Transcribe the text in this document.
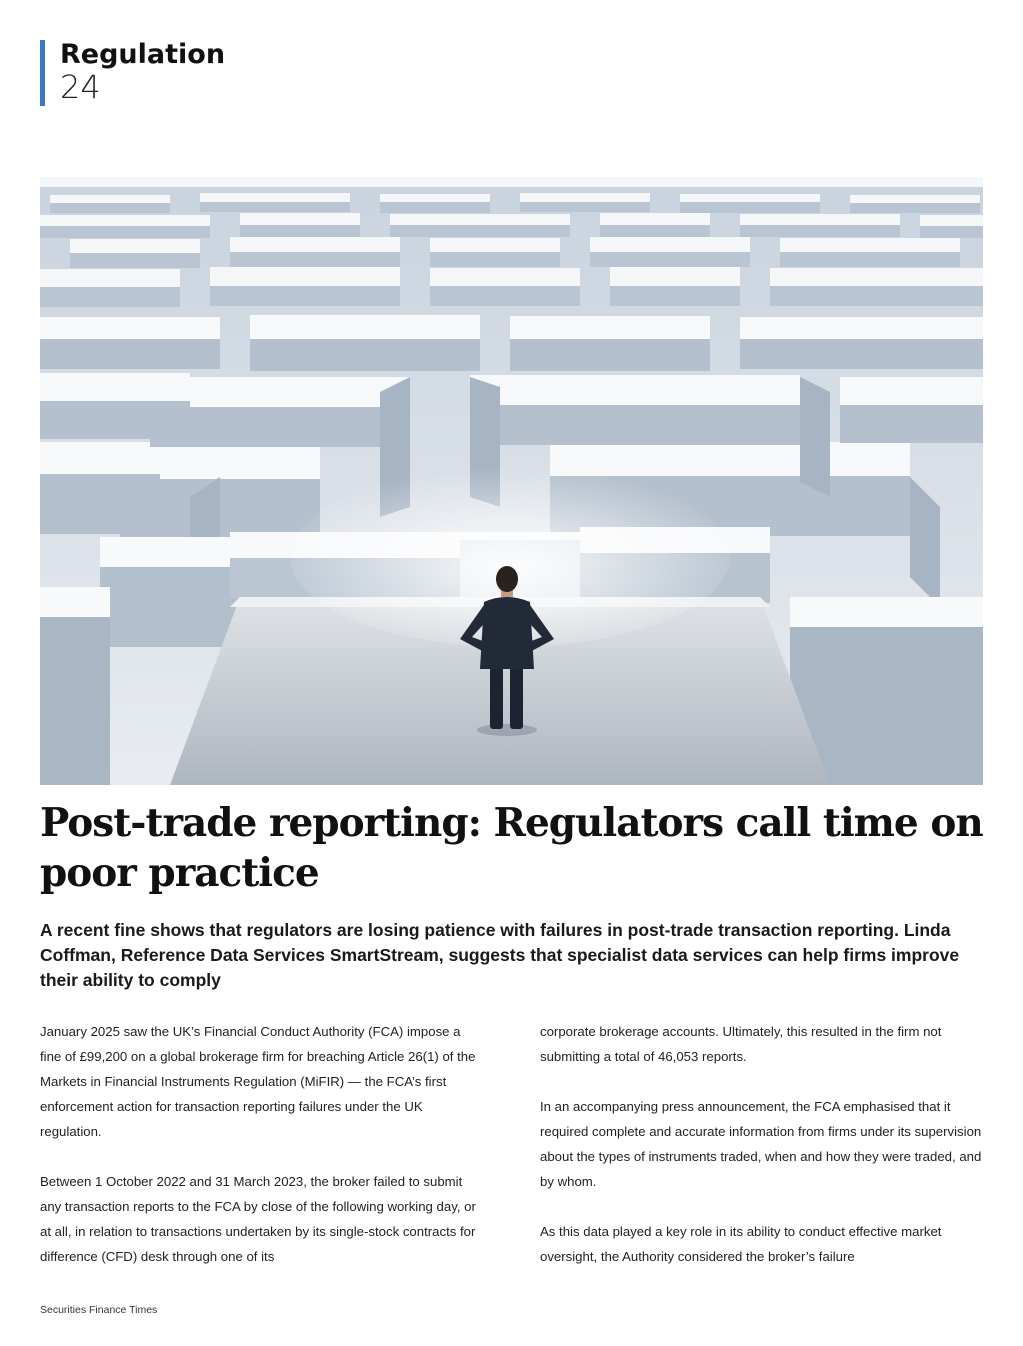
Regulation
24
Post-trade reporting: Regulators call time on poor practice

A recent fine shows that regulators are losing patience with failures in post-trade transaction reporting. Linda Coffman, Reference Data Services SmartStream, suggests that specialist data services can help firms improve their ability to comply

January 2025 saw the UK’s Financial Conduct Authority (FCA) impose a fine of £99,200 on a global brokerage firm for breaching Article 26(1) of the Markets in Financial Instruments Regulation (MiFIR) — the FCA’s first enforcement action for transaction reporting failures under the UK regulation.

Between 1 October 2022 and 31 March 2023, the broker failed to submit any transaction reports to the FCA by close of the following working day, or at all, in relation to transactions undertaken by its single-stock contracts for difference (CFD) desk through one of its

corporate brokerage accounts. Ultimately, this resulted in the firm not submitting a total of 46,053 reports.

In an accompanying press announcement, the FCA emphasised that it required complete and accurate information from firms under its supervision about the types of instruments traded, when and how they were traded, and by whom.

As this data played a key role in its ability to conduct effective market oversight, the Authority considered the broker’s failure

Securities Finance Times
